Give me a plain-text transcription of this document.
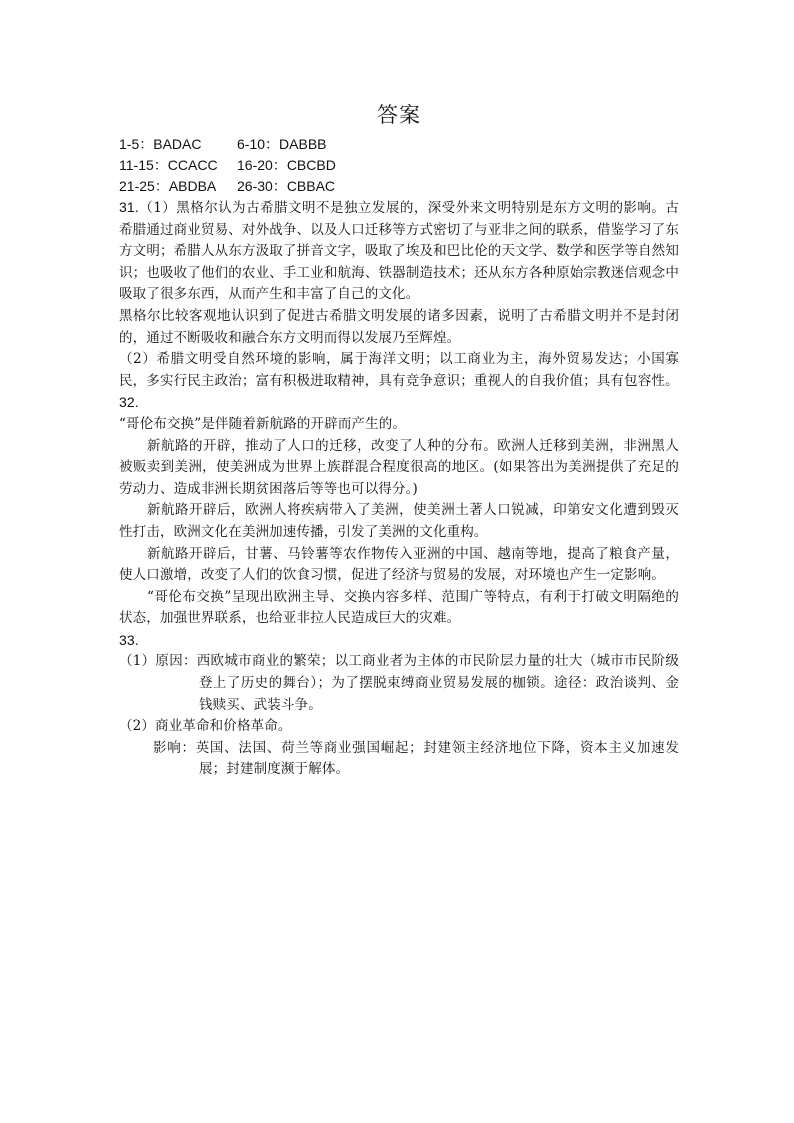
答案
1-5：BADAC	6-10：DABBB
11-15：CCACC 16-20：CBCBD
21-25：ABDBA 26-30：CBBAC

31.（1）黑格尔认为古希腊文明不是独立发展的，深受外来文明特别是东方文明的影响。古希腊通过商业贸易、对外战争、以及人口迁移等方式密切了与亚非之间的联系，借鉴学习了东方文明；希腊人从东方汲取了拼音文字，吸取了埃及和巴比伦的天文学、数学和医学等自然知识；也吸收了他们的农业、手工业和航海、铁器制造技术；还从东方各种原始宗教迷信观念中吸取了很多东西，从而产生和丰富了自己的文化。

黑格尔比较客观地认识到了促进古希腊文明发展的诸多因素，说明了古希腊文明并不是封闭的，通过不断吸收和融合东方文明而得以发展乃至辉煌。

（2）希腊文明受自然环境的影响，属于海洋文明；以工商业为主，海外贸易发达；小国寡民，多实行民主政治；富有积极进取精神，具有竞争意识；重视人的自我价值；具有包容性。

32.

“哥伦布交换”是伴随着新航路的开辟而产生的。

新航路的开辟，推动了人口的迁移，改变了人种的分布。欧洲人迁移到美洲，非洲黑人被贩卖到美洲，使美洲成为世界上族群混合程度很高的地区。(如果答出为美洲提供了充足的劳动力、造成非洲长期贫困落后等等也可以得分。)

新航路开辟后，欧洲人将疾病带入了美洲，使美洲土著人口锐减，印第安文化遭到毁灭性打击，欧洲文化在美洲加速传播，引发了美洲的文化重构。

新航路开辟后，甘薯、马铃薯等农作物传入亚洲的中国、越南等地，提高了粮食产量，使人口激增，改变了人们的饮食习惯，促进了经济与贸易的发展，对环境也产生一定影响。

“哥伦布交换”呈现出欧洲主导、交换内容多样、范围广等特点，有利于打破文明隔绝的状态，加强世界联系，也给亚非拉人民造成巨大的灾难。

33.

（1）原因：西欧城市商业的繁荣；以工商业者为主体的市民阶层力量的壮大（城市市民阶级登上了历史的舞台）；为了摆脱束缚商业贸易发展的枷锁。途径：政治谈判、金钱赎买、武装斗争。

（2）商业革命和价格革命。

影响：英国、法国、荷兰等商业强国崛起；封建领主经济地位下降，资本主义加速发展；封建制度濒于解体。
